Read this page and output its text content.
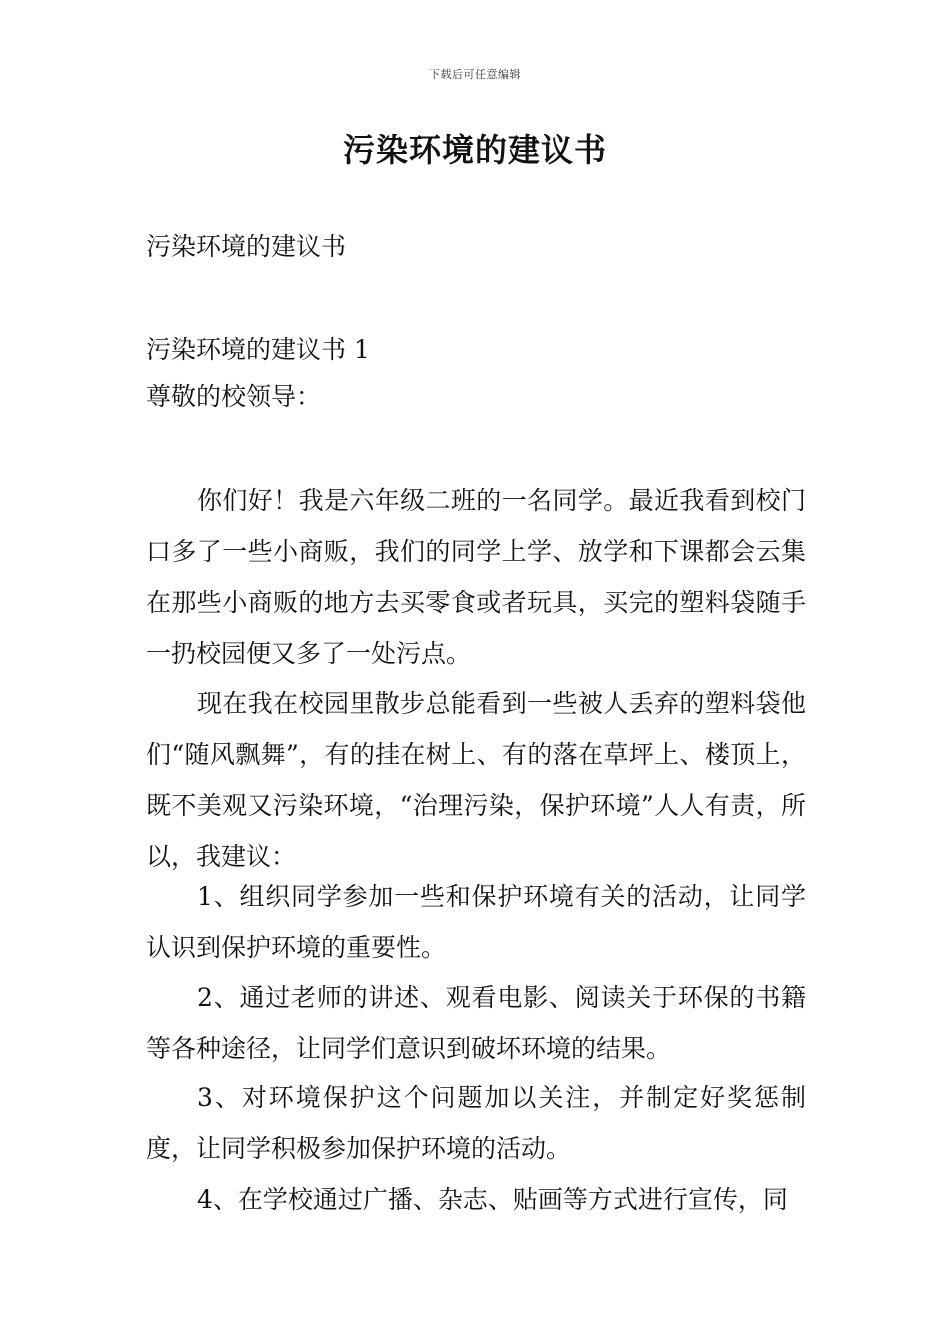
下载后可任意编辑
污染环境的建议书

污染环境的建议书

污染环境的建议书 1

尊敬的校领导：

你们好！我是六年级二班的一名同学。最近我看到校门口多了一些小商贩，我们的同学上学、放学和下课都会云集在那些小商贩的地方去买零食或者玩具，买完的塑料袋随手一扔校园便又多了一处污点。

现在我在校园里散步总能看到一些被人丢弃的塑料袋他们“随风飘舞”，有的挂在树上、有的落在草坪上、楼顶上，既不美观又污染环境，“治理污染，保护环境”人人有责，所以，我建议：

1、组织同学参加一些和保护环境有关的活动，让同学认识到保护环境的重要性。

2、通过老师的讲述、观看电影、阅读关于环保的书籍等各种途径，让同学们意识到破坏环境的结果。

3、对环境保护这个问题加以关注，并制定好奖惩制度，让同学积极参加保护环境的活动。

4、在学校通过广播、杂志、贴画等方式进行宣传，同
